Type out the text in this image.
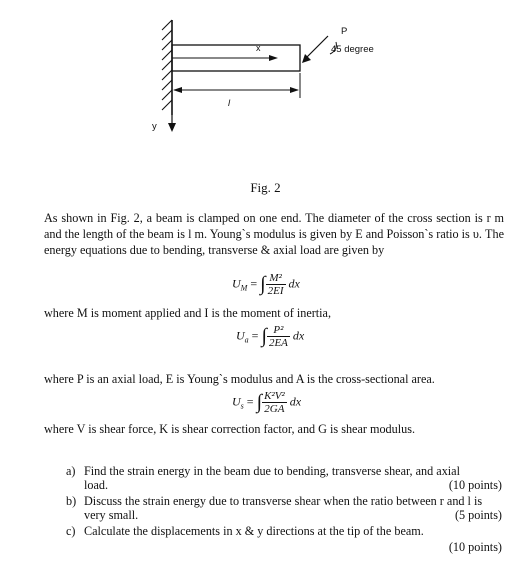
x
P
45 degree
l
y
Fig. 2
As shown in Fig. 2, a beam is clamped on one end. The diameter of the cross section is r m and the length of the beam is l m. Young`s modulus is given by E and Poisson`s ratio is υ. The energy equations due to bending, transverse & axial load are given by
$U_M$ = ∫ $\frac{\text{M²}}{2EI}$ dx
where M is moment applied and I is the moment of inertia,
$U_a$ = ∫ $\frac{\text{P²}}{2EA}$ dx
where P is an axial load, E is Young`s modulus and A is the cross-sectional area.
$U_s$ = ∫ $\frac{\text{K²V²}}{2GA}$ dx
where V is shear force, K is shear correction factor, and G is shear modulus.
a) Find the strain energy in the beam due to bending, transverse shear, and axial
load.	(10 points)
b) Discuss the strain energy due to transverse shear when the ratio between r and l is
very small.	(5 points)
c) Calculate the displacements in x & y directions at the tip of the beam.
(10 points)
